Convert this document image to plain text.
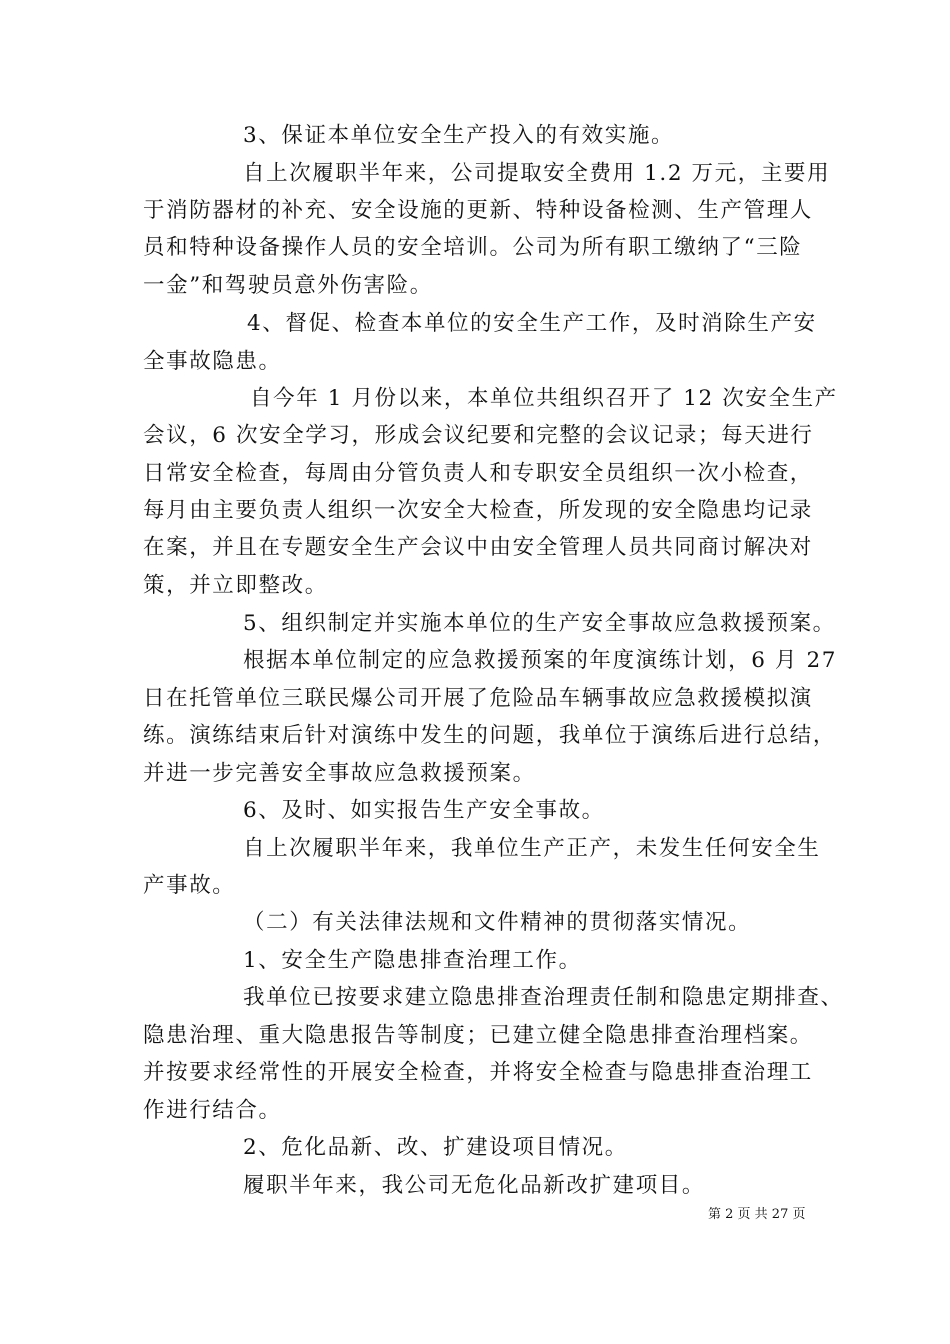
3、保证本单位安全生产投入的有效实施。
自上次履职半年来，公司提取安全费用 1.2 万元，主要用
于消防器材的补充、安全设施的更新、特种设备检测、生产管理人
员和特种设备操作人员的安全培训。公司为所有职工缴纳了“三险
一金”和驾驶员意外伤害险。
4、督促、检查本单位的安全生产工作，及时消除生产安
全事故隐患。
自今年 1 月份以来，本单位共组织召开了 12 次安全生产
会议，6 次安全学习，形成会议纪要和完整的会议记录；每天进行
日常安全检查，每周由分管负责人和专职安全员组织一次小检查，
每月由主要负责人组织一次安全大检查，所发现的安全隐患均记录
在案，并且在专题安全生产会议中由安全管理人员共同商讨解决对
策，并立即整改。
5、组织制定并实施本单位的生产安全事故应急救援预案。
根据本单位制定的应急救援预案的年度演练计划，6 月 27
日在托管单位三联民爆公司开展了危险品车辆事故应急救援模拟演
练。演练结束后针对演练中发生的问题，我单位于演练后进行总结，
并进一步完善安全事故应急救援预案。
6、及时、如实报告生产安全事故。
自上次履职半年来，我单位生产正产，未发生任何安全生
产事故。
（二）有关法律法规和文件精神的贯彻落实情况。
1、安全生产隐患排查治理工作。
我单位已按要求建立隐患排查治理责任制和隐患定期排查、
隐患治理、重大隐患报告等制度；已建立健全隐患排查治理档案。
并按要求经常性的开展安全检查，并将安全检查与隐患排查治理工
作进行结合。
2、危化品新、改、扩建设项目情况。
履职半年来，我公司无危化品新改扩建项目。
第 2 页 共 27 页
